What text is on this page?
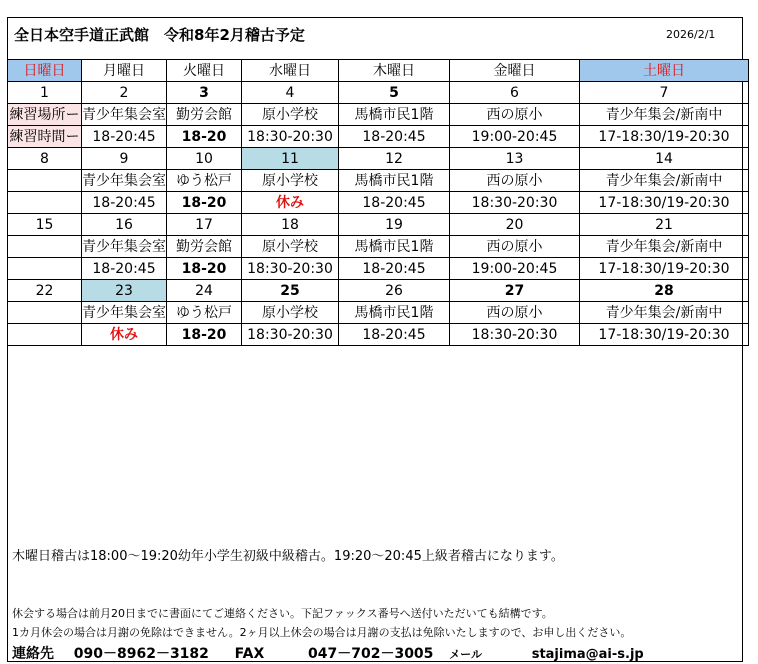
全日本空手道正武館　令和8年2月稽古予定	2026/2/1
日曜日	月曜日	火曜日	水曜日	木曜日	金曜日	土曜日
1	2	3	4	5	6	7
練習場所ー	青少年集会室	勤労会館	原小学校	馬橋市民1階	西の原小	青少年集会/新南中
練習時間ー	18-20:45	18-20	18:30-20:30	18-20:45	19:00-20:45	17-18:30/19-20:30
8	9	10	11	12	13	14
	青少年集会室	ゆう松戸	原小学校	馬橋市民1階	西の原小	青少年集会/新南中
	18-20:45	18-20	休み	18-20:45	18:30-20:30	17-18:30/19-20:30
15	16	17	18	19	20	21
	青少年集会室	勤労会館	原小学校	馬橋市民1階	西の原小	青少年集会/新南中
	18-20:45	18-20	18:30-20:30	18-20:45	19:00-20:45	17-18:30/19-20:30
22	23	24	25	26	27	28
	青少年集会室	ゆう松戸	原小学校	馬橋市民1階	西の原小	青少年集会/新南中
	休み	18-20	18:30-20:30	18-20:45	18:30-20:30	17-18:30/19-20:30
木曜日稽古は18:00～19:20幼年小学生初級中級稽古。19:20～20:45上級者稽古になります。
休会する場合は前月20日までに書面にてご連絡ください。下記ファックス番号へ送付いただいても結構です。
1カ月休会の場合は月謝の免除はできません。2ヶ月以上休会の場合は月謝の支払は免除いたしますので、お申し出ください。
連絡先 090－8962－3182 FAX	047－702－3005 メール	stajima@ai-s.jp
